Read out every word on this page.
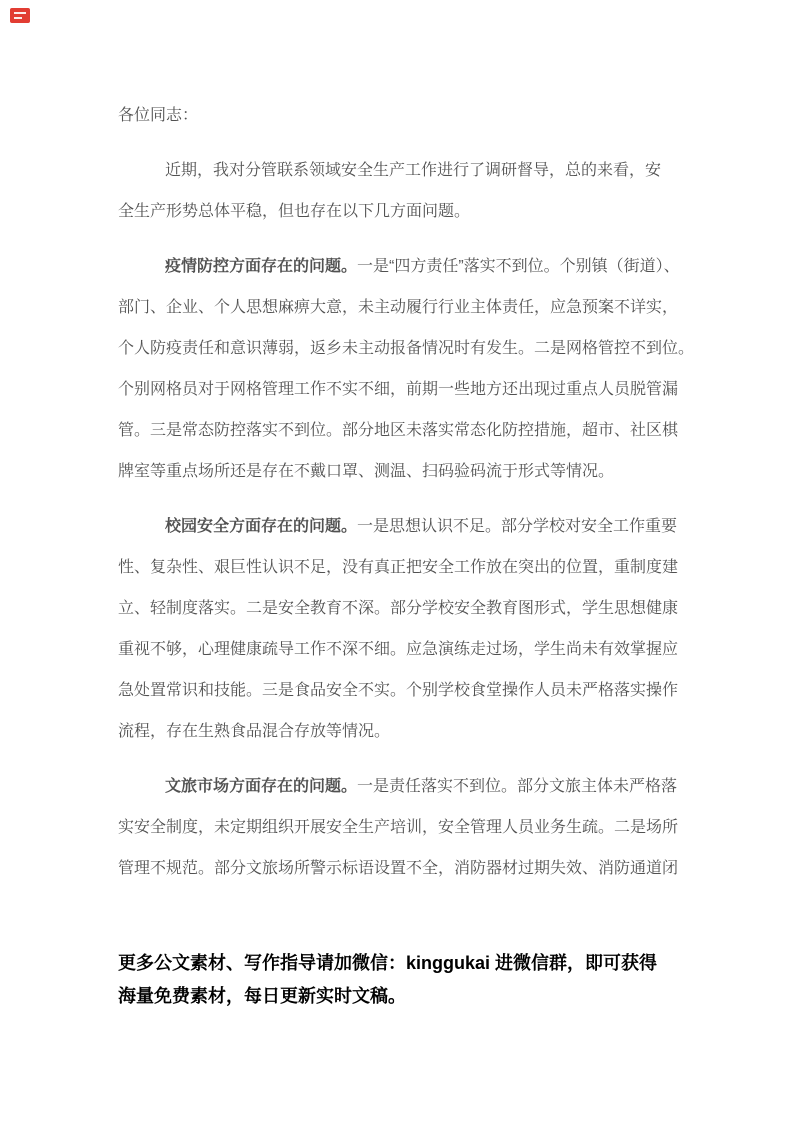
各位同志：
近期，我对分管联系领域安全生产工作进行了调研督导，总的来看，安
全生产形势总体平稳，但也存在以下几方面问题。
疫情防控方面存在的问题。一是“四方责任”落实不到位。个别镇（街道）、
部门、企业、个人思想麻痹大意，未主动履行行业主体责任，应急预案不详实，
个人防疫责任和意识薄弱，返乡未主动报备情况时有发生。二是网格管控不到位。
个别网格员对于网格管理工作不实不细，前期一些地方还出现过重点人员脱管漏
管。三是常态防控落实不到位。部分地区未落实常态化防控措施，超市、社区棋
牌室等重点场所还是存在不戴口罩、测温、扫码验码流于形式等情况。
校园安全方面存在的问题。一是思想认识不足。部分学校对安全工作重要
性、复杂性、艰巨性认识不足，没有真正把安全工作放在突出的位置，重制度建
立、轻制度落实。二是安全教育不深。部分学校安全教育图形式，学生思想健康
重视不够，心理健康疏导工作不深不细。应急演练走过场，学生尚未有效掌握应
急处置常识和技能。三是食品安全不实。个别学校食堂操作人员未严格落实操作
流程，存在生熟食品混合存放等情况。
文旅市场方面存在的问题。一是责任落实不到位。部分文旅主体未严格落
实安全制度，未定期组织开展安全生产培训，安全管理人员业务生疏。二是场所
管理不规范。部分文旅场所警示标语设置不全，消防器材过期失效、消防通道闭
更多公文素材、写作指导请加微信：kinggukai 进微信群，即可获得
海量免费素材，每日更新实时文稿。
